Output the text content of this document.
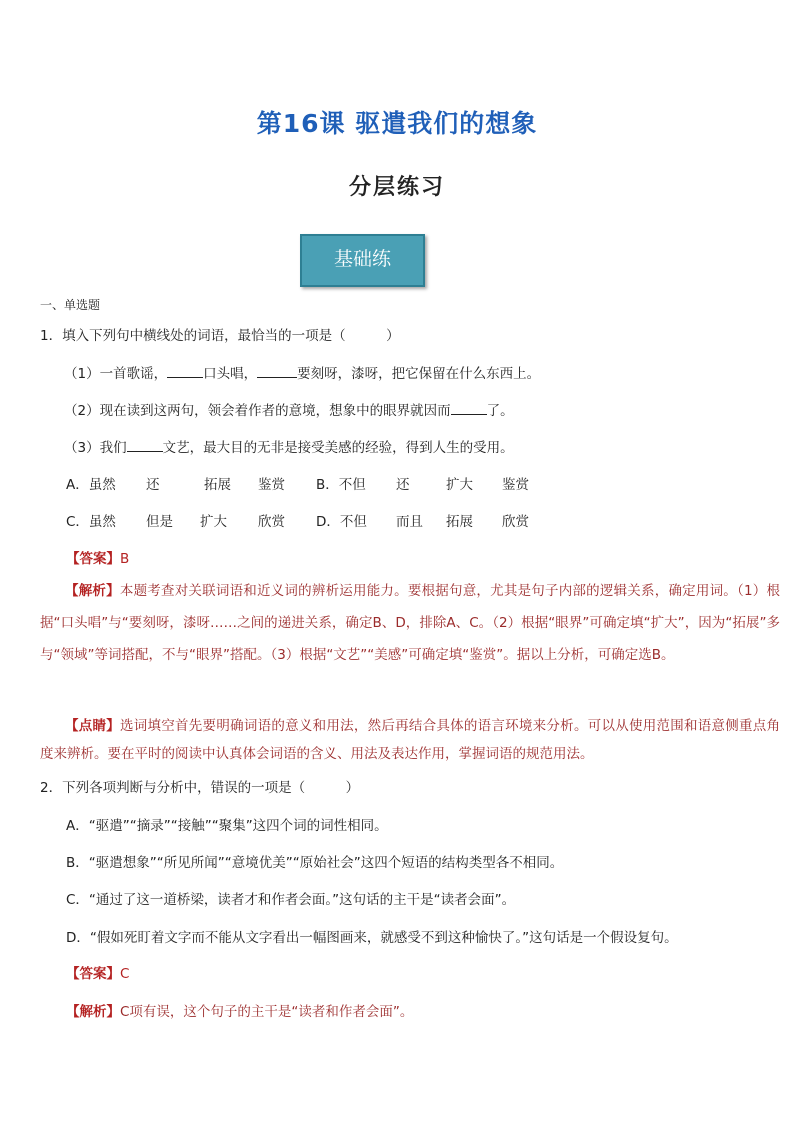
第16课 驱遣我们的想象
分层练习
基础练
一、单选题
1．填入下列句中横线处的词语，最恰当的一项是（　　　）
（1）一首歌谣，	口头唱，	要刻呀，漆呀，把它保留在什么东西上。
（2）现在读到这两句，领会着作者的意境，想象中的眼界就因而	了。
（3）我们	文艺，最大目的无非是接受美感的经验，得到人生的受用。
A．虽然 还	拓展 鉴赏 B．不但 还	扩大 鉴赏
C．虽然 但是 扩大 欣赏 D．不但 而且 拓展 欣赏
【答案】B
【解析】本题考查对关联词语和近义词的辨析运用能力。要根据句意，尤其是句子内部的逻辑关系，确定用词。（1）根据“口头唱”与“要刻呀，漆呀……之间的递进关系，确定B、D，排除A、C。（2）根据“眼界”可确定填“扩大”，因为“拓展”多与“领域”等词搭配，不与“眼界”搭配。（3）根据“文艺”“美感”可确定填“鉴赏”。据以上分析，可确定选B。
【点睛】选词填空首先要明确词语的意义和用法，然后再结合具体的语言环境来分析。可以从使用范围和语意侧重点角度来辨析。要在平时的阅读中认真体会词语的含义、用法及表达作用，掌握词语的规范用法。
2．下列各项判断与分析中，错误的一项是（　　　）
A．“驱遣”“摘录”“接触”“聚集”这四个词的词性相同。
B．“驱遣想象”“所见所闻”“意境优美”“原始社会”这四个短语的结构类型各不相同。
C．“通过了这一道桥梁，读者才和作者会面。”这句话的主干是“读者会面”。
D．“假如死盯着文字而不能从文字看出一幅图画来，就感受不到这种愉快了。”这句话是一个假设复句。
【答案】C
【解析】C项有误，这个句子的主干是“读者和作者会面”。
